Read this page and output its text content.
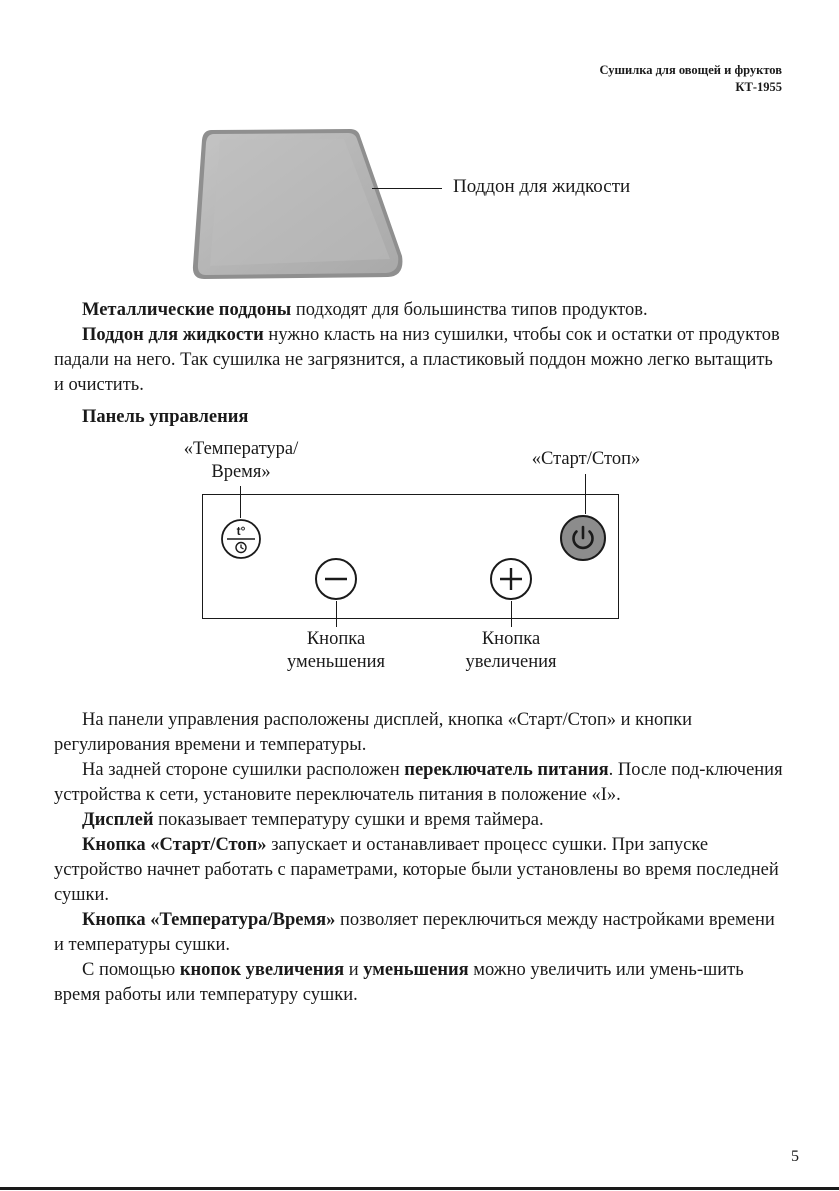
Сушилка для овощей и фруктов
КТ-1955
Поддон для жидкости

Металлические поддоны подходят для большинства типов продуктов.

Поддон для жидкости нужно класть на низ сушилки, чтобы сок и остатки от продуктов падали на него. Так сушилка не загрязнится, а пластиковый поддон можно легко вытащить и очистить.

Панель управления
«Температура/
Время»
«Старт/Стоп»
t°
Кнопка
уменьшения
Кнопка
увеличения

На панели управления расположены дисплей, кнопка «Старт/Стоп» и кнопки регулирования времени и температуры.

На задней стороне сушилки расположен переключатель питания. После под-ключения устройства к сети, установите переключатель питания в положение «I».

Дисплей показывает температуру сушки и время таймера.

Кнопка «Старт/Стоп» запускает и останавливает процесс сушки. При запуске устройство начнет работать с параметрами, которые были установлены во время последней сушки.

Кнопка «Температура/Время» позволяет переключиться между настройками времени и температуры сушки.

С помощью кнопок увеличения и уменьшения можно увеличить или умень-шить время работы или температуру сушки.

5
